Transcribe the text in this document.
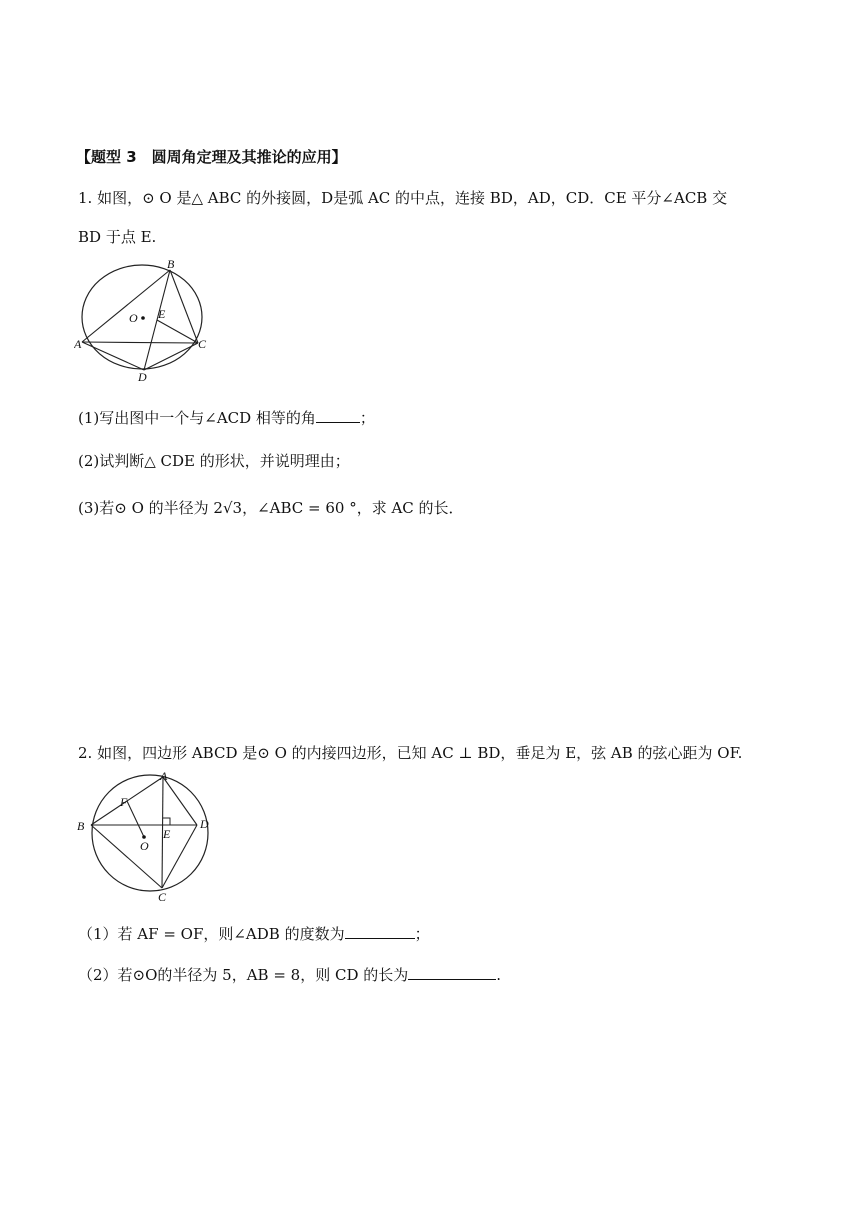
【题型 3　圆周角定理及其推论的应用】
1. 如图，⊙ O 是△ ABC 的外接圆，D是弧 AC 的中点，连接 BD，AD，CD．CE 平分∠ACB 交
BD 于点 E.
B
A	C
D
E
O
(1)写出图中一个与∠ACD 相等的角	；
(2)试判断△ CDE 的形状，并说明理由；
(3)若⊙ O 的半径为 2√3，∠ABC = 60 °，求 AC 的长．
2. 如图，四边形 ABCD 是⊙ O 的内接四边形，已知 AC ⊥ BD，垂足为 E，弦 AB 的弦心距为 OF.
A
B	D
C
E
F
O
（1）若 AF = OF，则∠ADB 的度数为	；
（2）若⊙O的半径为 5，AB = 8，则 CD 的长为	.
